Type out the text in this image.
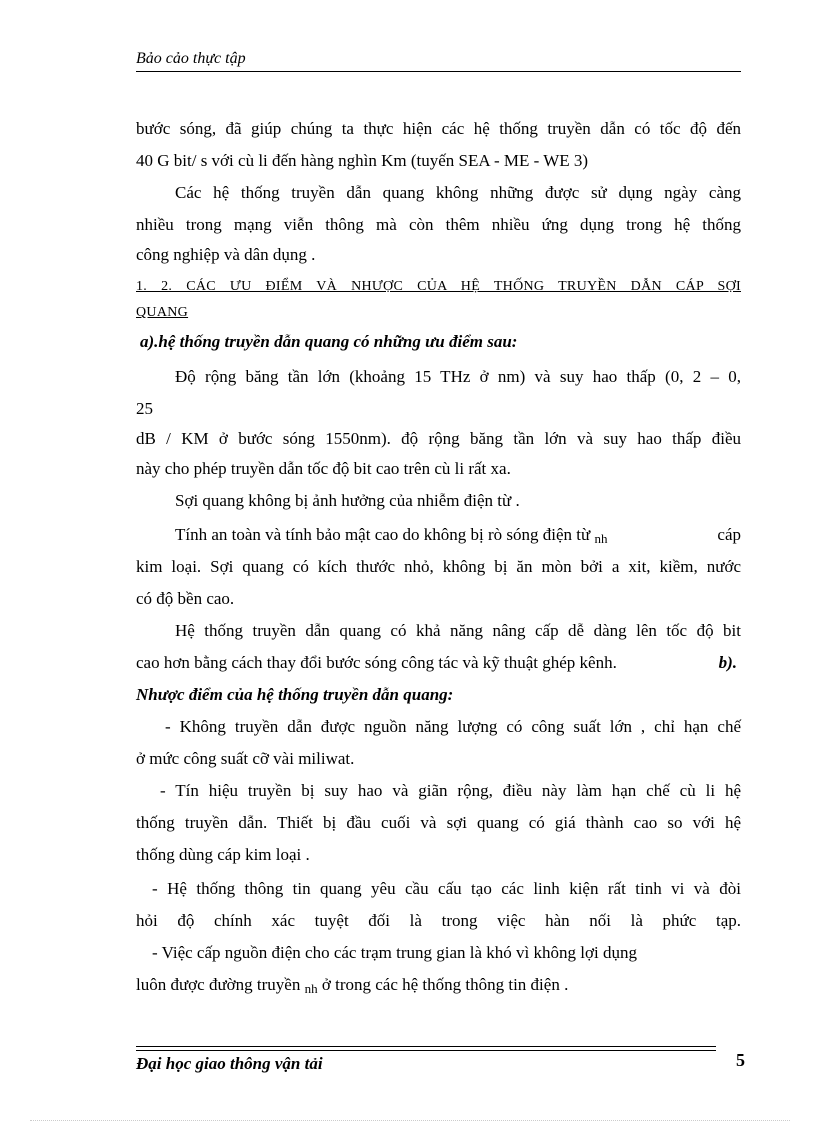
Bảo cảo thực tập
bước sóng, đã giúp chúng ta thực hiện các hệ thống truyền dẫn có tốc độ đến
40 G bit/ s với cù li đến hàng nghìn Km (tuyến SEA - ME - WE 3)
Các hệ thống truyền dẫn quang không những được sử dụng ngày càng
nhiều trong mạng viễn thông mà còn thêm nhiều ứng dụng trong hệ thống
công nghiệp và dân dụng .
1. 2. CÁC ƯU ĐIỂM VÀ NHƯỢC CỦA HỆ THỐNG TRUYỀN DẪN CÁP SỢI
QUANG
a).hệ thống truyền dẫn quang có những ưu điểm sau:
Độ rộng băng tần lớn (khoảng 15 THz ở nm) và suy hao thấp (0, 2 – 0,
25
dB / KM ở bước sóng 1550nm). độ rộng băng tần lớn và suy hao thấp điều
này cho phép truyền dẫn tốc độ bit cao trên cù li rất xa.
Sợi quang không bị ảnh hưởng của nhiễm điện từ .
Tính an toàn và tính bảo mật cao do không bị rò sóng điện từ nh	cáp
kim loại. Sợi quang có kích thước nhỏ, không bị ăn mòn bởi a xit, kiềm, nước
có độ bền cao.
Hệ thống truyền dẫn quang có khả năng nâng cấp dễ dàng lên tốc độ bit
cao hơn bằng cách thay đổi bước sóng công tác và kỹ thuật ghép kênh.	b).
Nhược điểm của hệ thống truyền dẫn quang:
- Không truyền dẫn được nguồn năng lượng có công suất lớn , chỉ hạn chế
ở mức công suất cỡ vài miliwat.
- Tín hiệu truyền bị suy hao và giãn rộng, điều này làm hạn chế cù li hệ
thống truyền dẫn. Thiết bị đầu cuối và sợi quang có giá thành cao so với hệ
thống dùng cáp kim loại .
- Hệ thống thông tin quang yêu cầu cấu tạo các linh kiện rất tinh vi và đòi
hỏi độ chính xác tuyệt đối là trong việc hàn nối là phức tạp.
- Việc cấp nguồn điện cho các trạm trung gian là khó vì không lợi dụng
luôn được đường truyền nh ở trong các hệ thống thông tin điện .
Đại học giao thông vận tải	5
